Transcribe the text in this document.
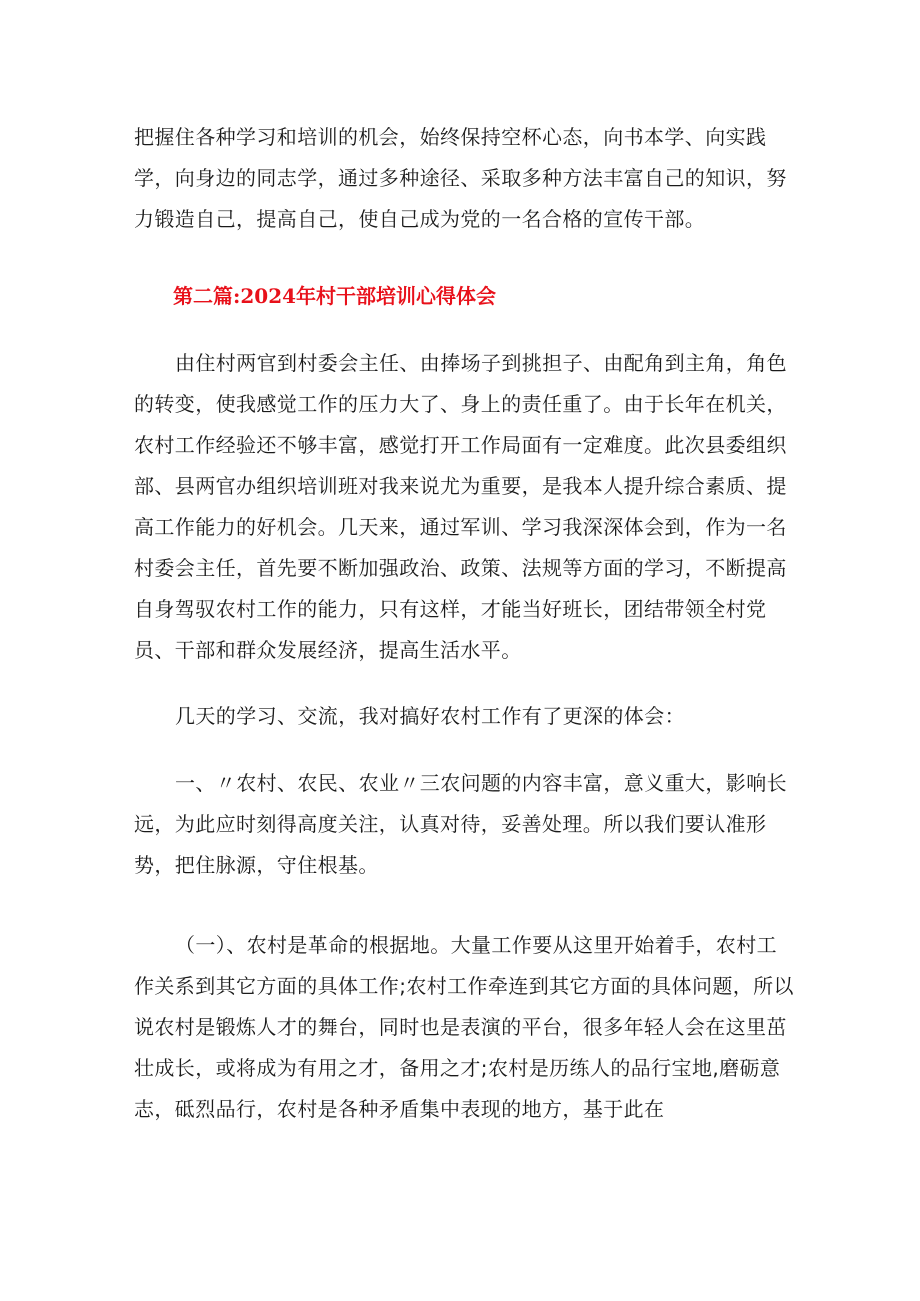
把握住各种学习和培训的机会，始终保持空杯心态，向书本学、向实践学，向身边的同志学，通过多种途径、采取多种方法丰富自己的知识，努力锻造自己，提高自己，使自己成为党的一名合格的宣传干部。

第二篇:2024年村干部培训心得体会

由住村两官到村委会主任、由捧场子到挑担子、由配角到主角，角色的转变，使我感觉工作的压力大了、身上的责任重了。由于长年在机关，农村工作经验还不够丰富，感觉打开工作局面有一定难度。此次县委组织部、县两官办组织培训班对我来说尤为重要，是我本人提升综合素质、提高工作能力的好机会。几天来，通过军训、学习我深深体会到，作为一名村委会主任，首先要不断加强政治、政策、法规等方面的学习，不断提高自身驾驭农村工作的能力，只有这样，才能当好班长，团结带领全村党员、干部和群众发展经济，提高生活水平。

几天的学习、交流，我对搞好农村工作有了更深的体会：

一、〃农村、农民、农业〃三农问题的内容丰富，意义重大，影响长远，为此应时刻得高度关注，认真对待，妥善处理。所以我们要认准形势，把住脉源，守住根基。

（一）、农村是革命的根据地。大量工作要从这里开始着手，农村工作关系到其它方面的具体工作;农村工作牵连到其它方面的具体问题，所以说农村是锻炼人才的舞台，同时也是表演的平台，很多年轻人会在这里茁壮成长，或将成为有用之才，备用之才;农村是历练人的品行宝地,磨砺意志，砥烈品行，农村是各种矛盾集中表现的地方，基于此在
